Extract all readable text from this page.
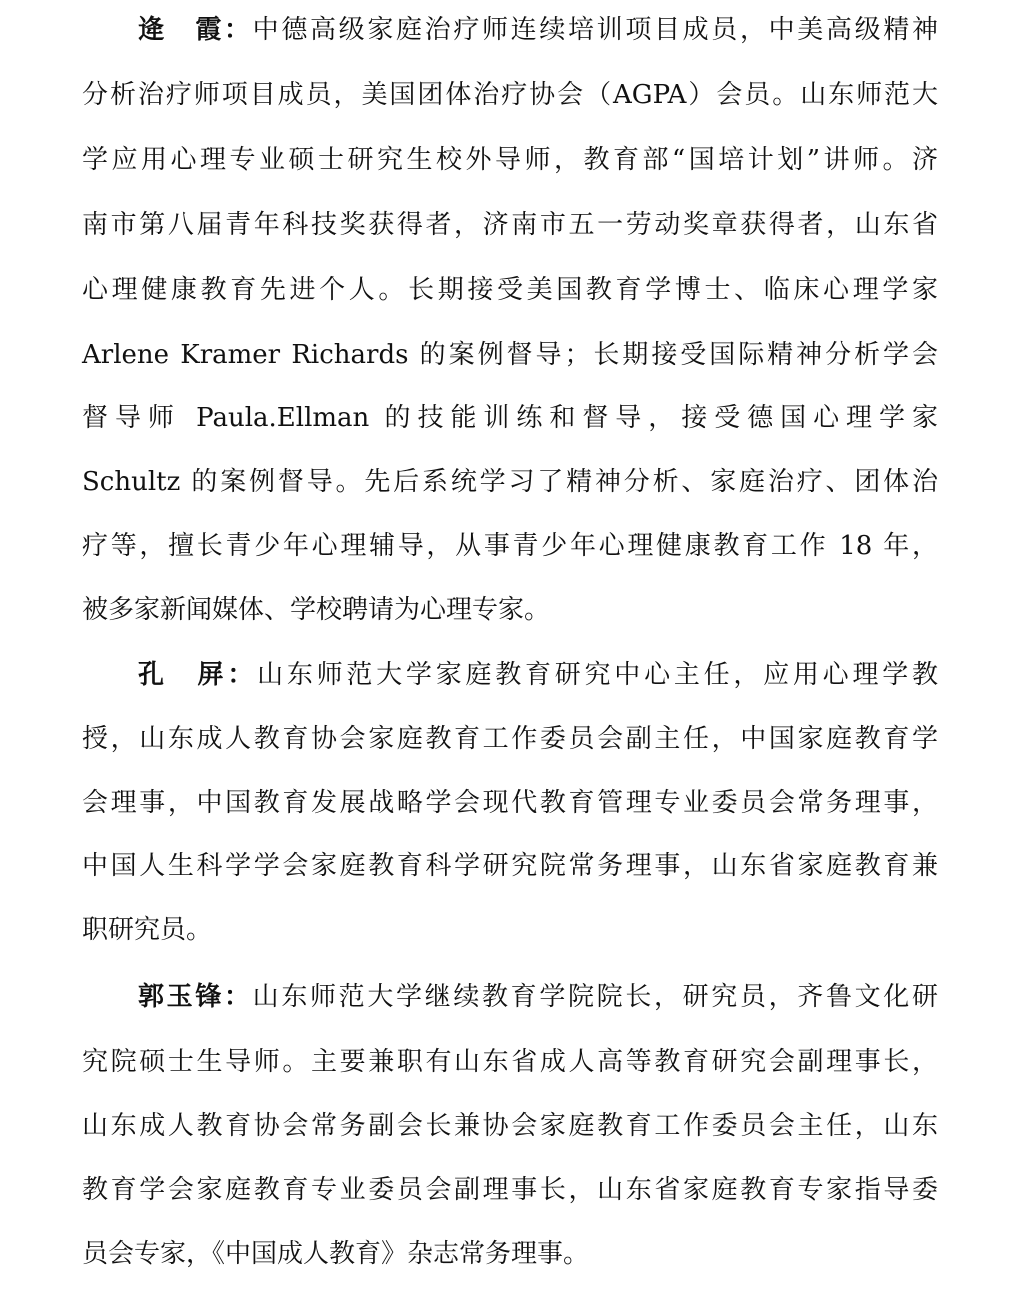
逄　霞：中德高级家庭治疗师连续培训项目成员，中美高级精神
分析治疗师项目成员，美国团体治疗协会（AGPA）会员。山东师范大
学应用心理专业硕士研究生校外导师，教育部“国培计划”讲师。济
南市第八届青年科技奖获得者，济南市五一劳动奖章获得者，山东省
心理健康教育先进个人。长期接受美国教育学博士、临床心理学家
Arlene Kramer Richards 的案例督导；长期接受国际精神分析学会
督导师 Paula.Ellman 的技能训练和督导，接受德国心理学家
Schultz 的案例督导。先后系统学习了精神分析、家庭治疗、团体治
疗等，擅长青少年心理辅导，从事青少年心理健康教育工作 18 年，
被多家新闻媒体、学校聘请为心理专家。
孔　屏：山东师范大学家庭教育研究中心主任，应用心理学教
授，山东成人教育协会家庭教育工作委员会副主任，中国家庭教育学
会理事，中国教育发展战略学会现代教育管理专业委员会常务理事，
中国人生科学学会家庭教育科学研究院常务理事，山东省家庭教育兼
职研究员。
郭玉锋：山东师范大学继续教育学院院长，研究员，齐鲁文化研
究院硕士生导师。主要兼职有山东省成人高等教育研究会副理事长，
山东成人教育协会常务副会长兼协会家庭教育工作委员会主任，山东
教育学会家庭教育专业委员会副理事长，山东省家庭教育专家指导委
员会专家，《中国成人教育》杂志常务理事。
